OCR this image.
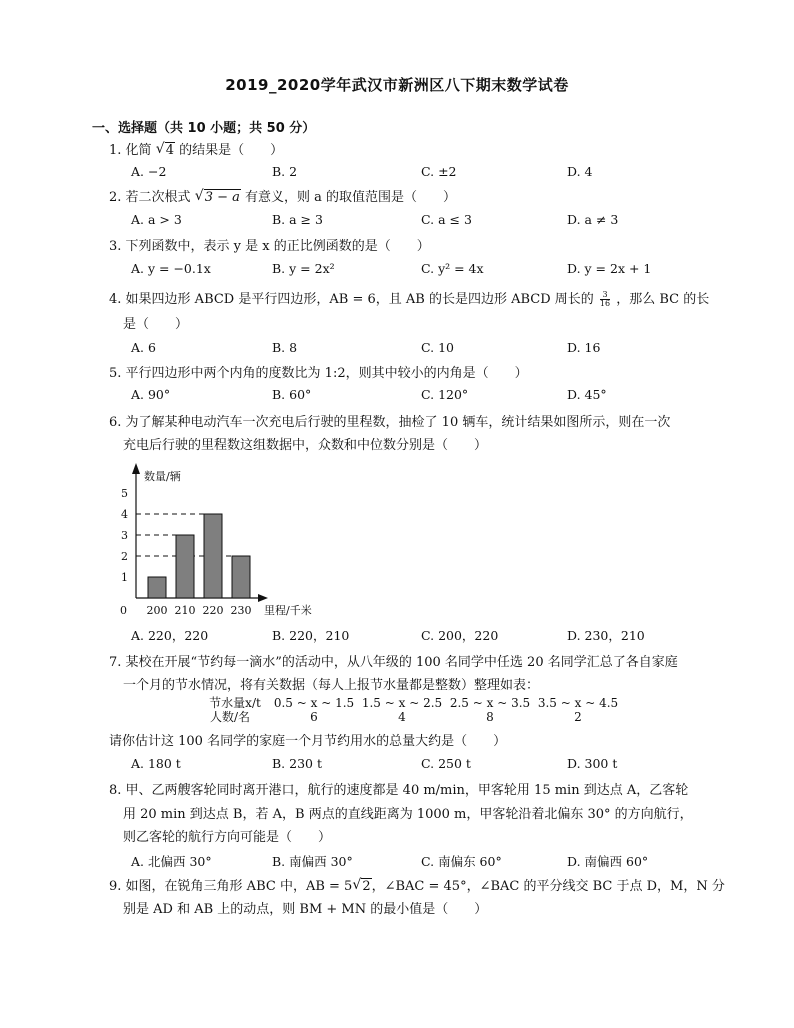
2019_2020学年武汉市新洲区八下期末数学试卷
一、选择题（共 10 小题；共 50 分）
1. 化简 √ 4 的结果是（　　）
A. −2	B. 2	C. ±2	D. 4
2. 若二次根式 √ 3 − a 有意义，则 a 的取值范围是（　　）
A. a > 3	B. a ≥ 3	C. a ≤ 3	D. a ≠ 3
3. 下列函数中，表示 y 是 x 的正比例函数的是（　　）
A. y = −0.1x	B. y = 2x²	C. y² = 4x	D. y = 2x + 1
4. 如果四边形 ABCD 是平行四边形，AB = 6，且 AB 的长是四边形 ABCD 周长的 $\frac{3}{16}$ ，那么 BC 的长
是（　　）
A. 6	B. 8	C. 10	D. 16
5. 平行四边形中两个内角的度数比为 1:2，则其中较小的内角是（　　）
A. 90°	B. 60°	C. 120°	D. 45°
6. 为了解某种电动汽车一次充电后行驶的里程数，抽检了 10 辆车，统计结果如图所示，则在一次
充电后行驶的里程数这组数据中，众数和中位数分别是（　　）
1
2
3
4
5
0 200 210 220 230
数量/辆
里程/千米
A. 220，220	B. 220，210	C. 200，220	D. 230，210
7. 某校在开展“节约每一滴水”的活动中，从八年级的 100 名同学中任选 20 名同学汇总了各自家庭
一个月的节水情况，将有关数据（每人上报节水量都是整数）整理如表：
节水量x/t	0.5 ~ x ~ 1.5 1.5 ~ x ~ 2.5 2.5 ~ x ~ 3.5 3.5 ~ x ~ 4.5
人数/名	6	4	8	2
请你估计这 100 名同学的家庭一个月节约用水的总量大约是（　　）
A. 180 t	B. 230 t	C. 250 t	D. 300 t
8. 甲、乙两艘客轮同时离开港口，航行的速度都是 40 m/min，甲客轮用 15 min 到达点 A，乙客轮
用 20 min 到达点 B，若 A，B 两点的直线距离为 1000 m，甲客轮沿着北偏东 30° 的方向航行，
则乙客轮的航行方向可能是（　　）
A. 北偏西 30°	B. 南偏西 30°	C. 南偏东 60°	D. 南偏西 60°
9. 如图，在锐角三角形 ABC 中，AB = 5 √ 2，∠BAC = 45°，∠BAC 的平分线交 BC 于点 D，M，N 分
别是 AD 和 AB 上的动点，则 BM + MN 的最小值是（　　）
